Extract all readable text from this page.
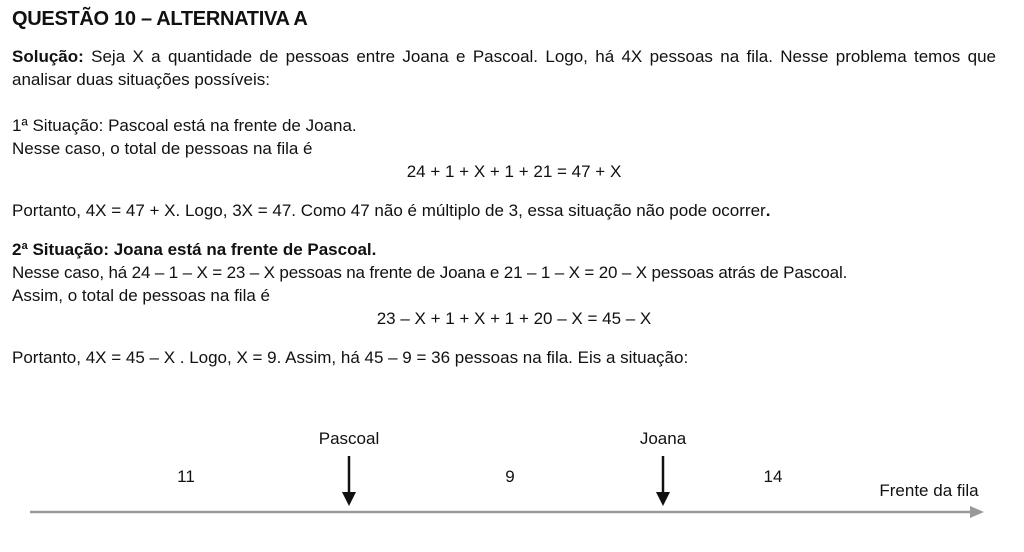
QUESTÃO 10 – ALTERNATIVA A

Solução: Seja X a quantidade de pessoas entre Joana e Pascoal. Logo, há 4X pessoas na fila. Nesse problema temos que analisar duas situações possíveis:

1ª Situação: Pascoal está na frente de Joana.

Nesse caso, o total de pessoas na fila é

24 + 1 + X + 1 + 21 = 47 + X

Portanto, 4X = 47 + X. Logo, 3X = 47. Como 47 não é múltiplo de 3, essa situação não pode ocorrer.

2ª Situação: Joana está na frente de Pascoal.

Nesse caso, há 24 – 1 – X = 23 – X pessoas na frente de Joana e 21 – 1 – X = 20 – X pessoas atrás de Pascoal.

Assim, o total de pessoas na fila é

23 – X + 1 + X + 1 + 20 – X = 45 – X

Portanto, 4X = 45 – X . Logo, X = 9. Assim, há 45 – 9 = 36 pessoas na fila. Eis a situação:

Pascoal	Joana
11	9	14
Frente da fila
